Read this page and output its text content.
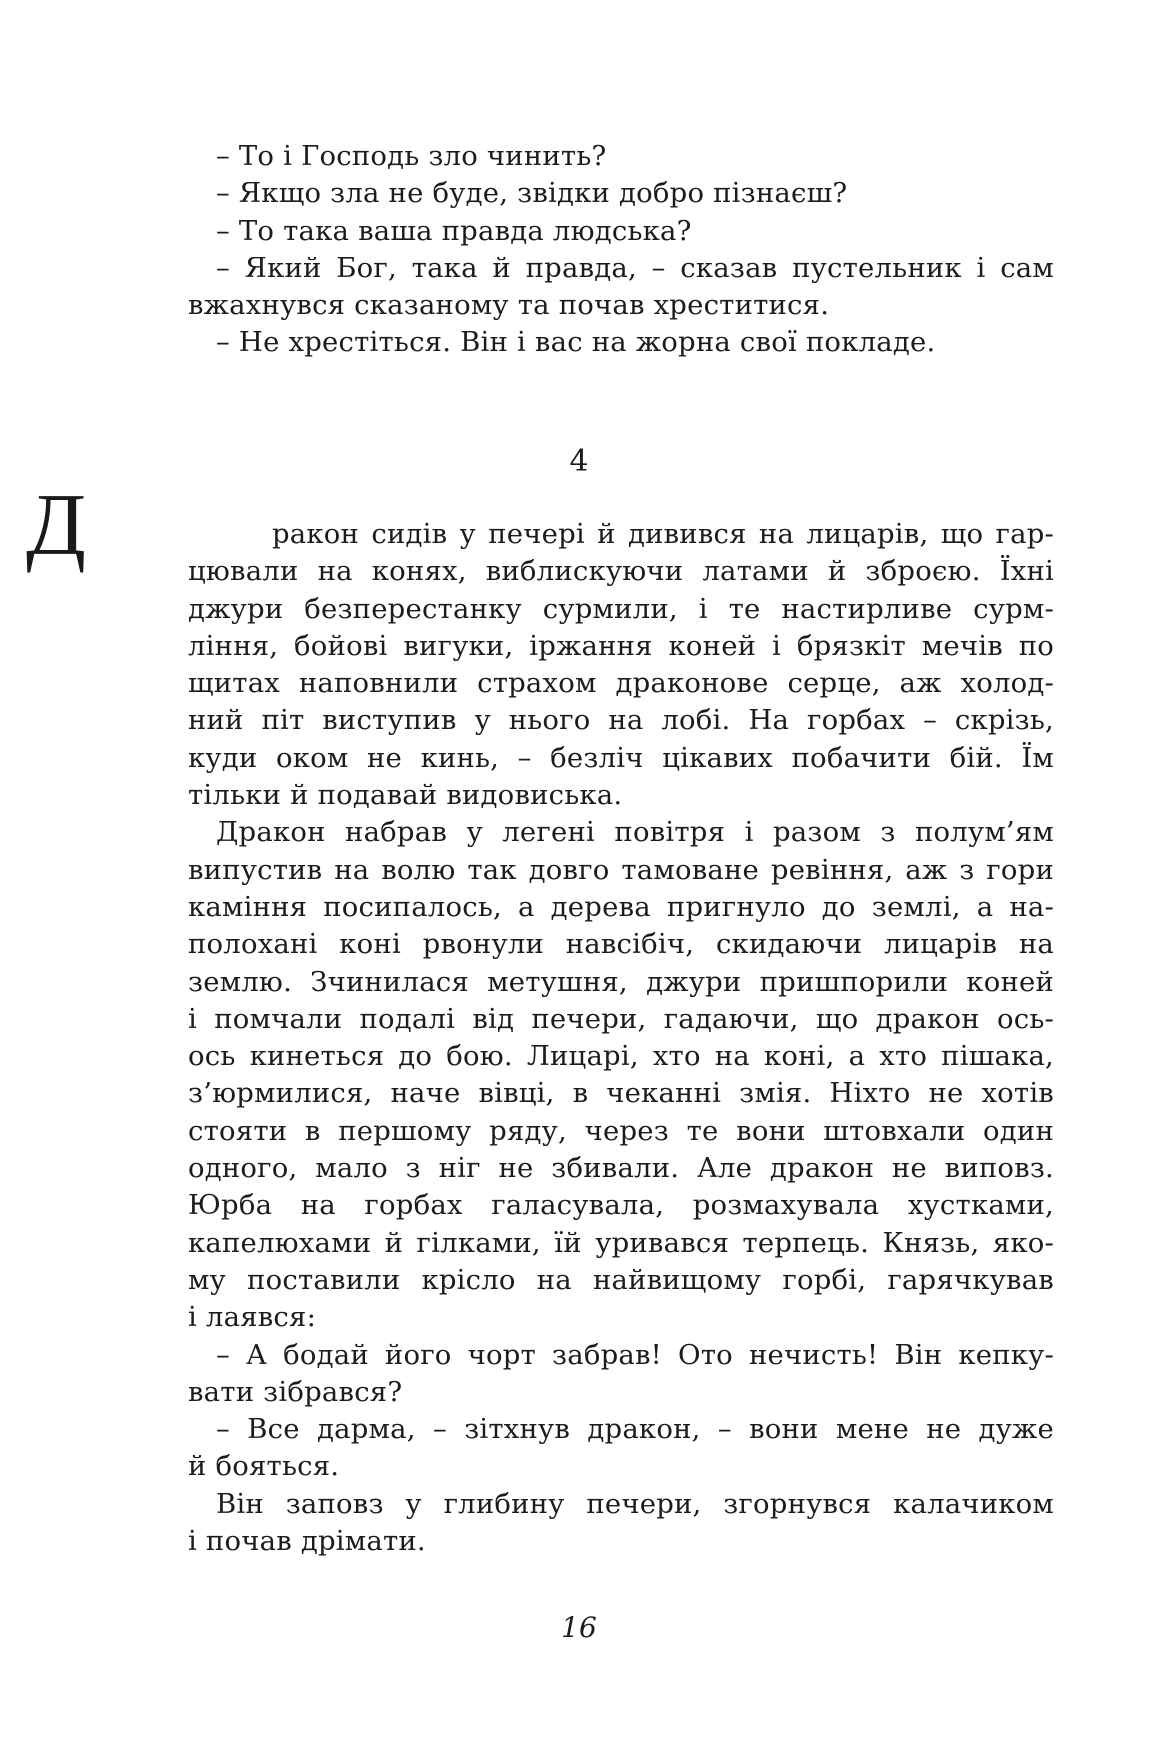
– То і Господь зло чинить?
– Якщо зла не буде, звідки добро пізнаєш?
– То така ваша правда людська?
– Який Бог, така й правда, – сказав пустельник і сам
вжахнувся сказаному та почав хреститися.
– Не хрестіться. Він і вас на жорна свої покладе.
4
Д	ракон сидів у печері й дивився на лицарів, що гар-
цювали на конях, виблискуючи латами й зброєю. Їхні
джури безперестанку сурмили, і те настирливе сурм-
ління, бойові вигуки, іржання коней і брязкіт мечів по
щитах наповнили страхом драконове серце, аж холод-
ний піт виступив у нього на лобі. На горбах – скрізь,
куди оком не кинь, – безліч цікавих побачити бій. Їм
тільки й подавай видовиська.
Дракон набрав у легені повітря і разом з полум’ям
випустив на волю так довго тамоване ревіння, аж з гори
каміння посипалось, а дерева пригнуло до землі, а на-
полохані коні рвонули навсібіч, скидаючи лицарів на
землю. Зчинилася метушня, джури пришпорили коней
і помчали подалі від печери, гадаючи, що дракон ось-
ось кинеться до бою. Лицарі, хто на коні, а хто пішака,
з’юрмилися, наче вівці, в чеканні змія. Ніхто не хотів
стояти в першому ряду, через те вони штовхали один
одного, мало з ніг не збивали. Але дракон не виповз.
Юрба на горбах галасувала, розмахувала хустками,
капелюхами й гілками, їй уривався терпець. Князь, яко-
му поставили крісло на найвищому горбі, гарячкував
і лаявся:
– А бодай його чорт забрав! Ото нечисть! Він кепку-
вати зібрався?
– Все дарма, – зітхнув дракон, – вони мене не дуже
й бояться.
Він заповз у глибину печери, згорнувся калачиком
і почав дрімати.
16
